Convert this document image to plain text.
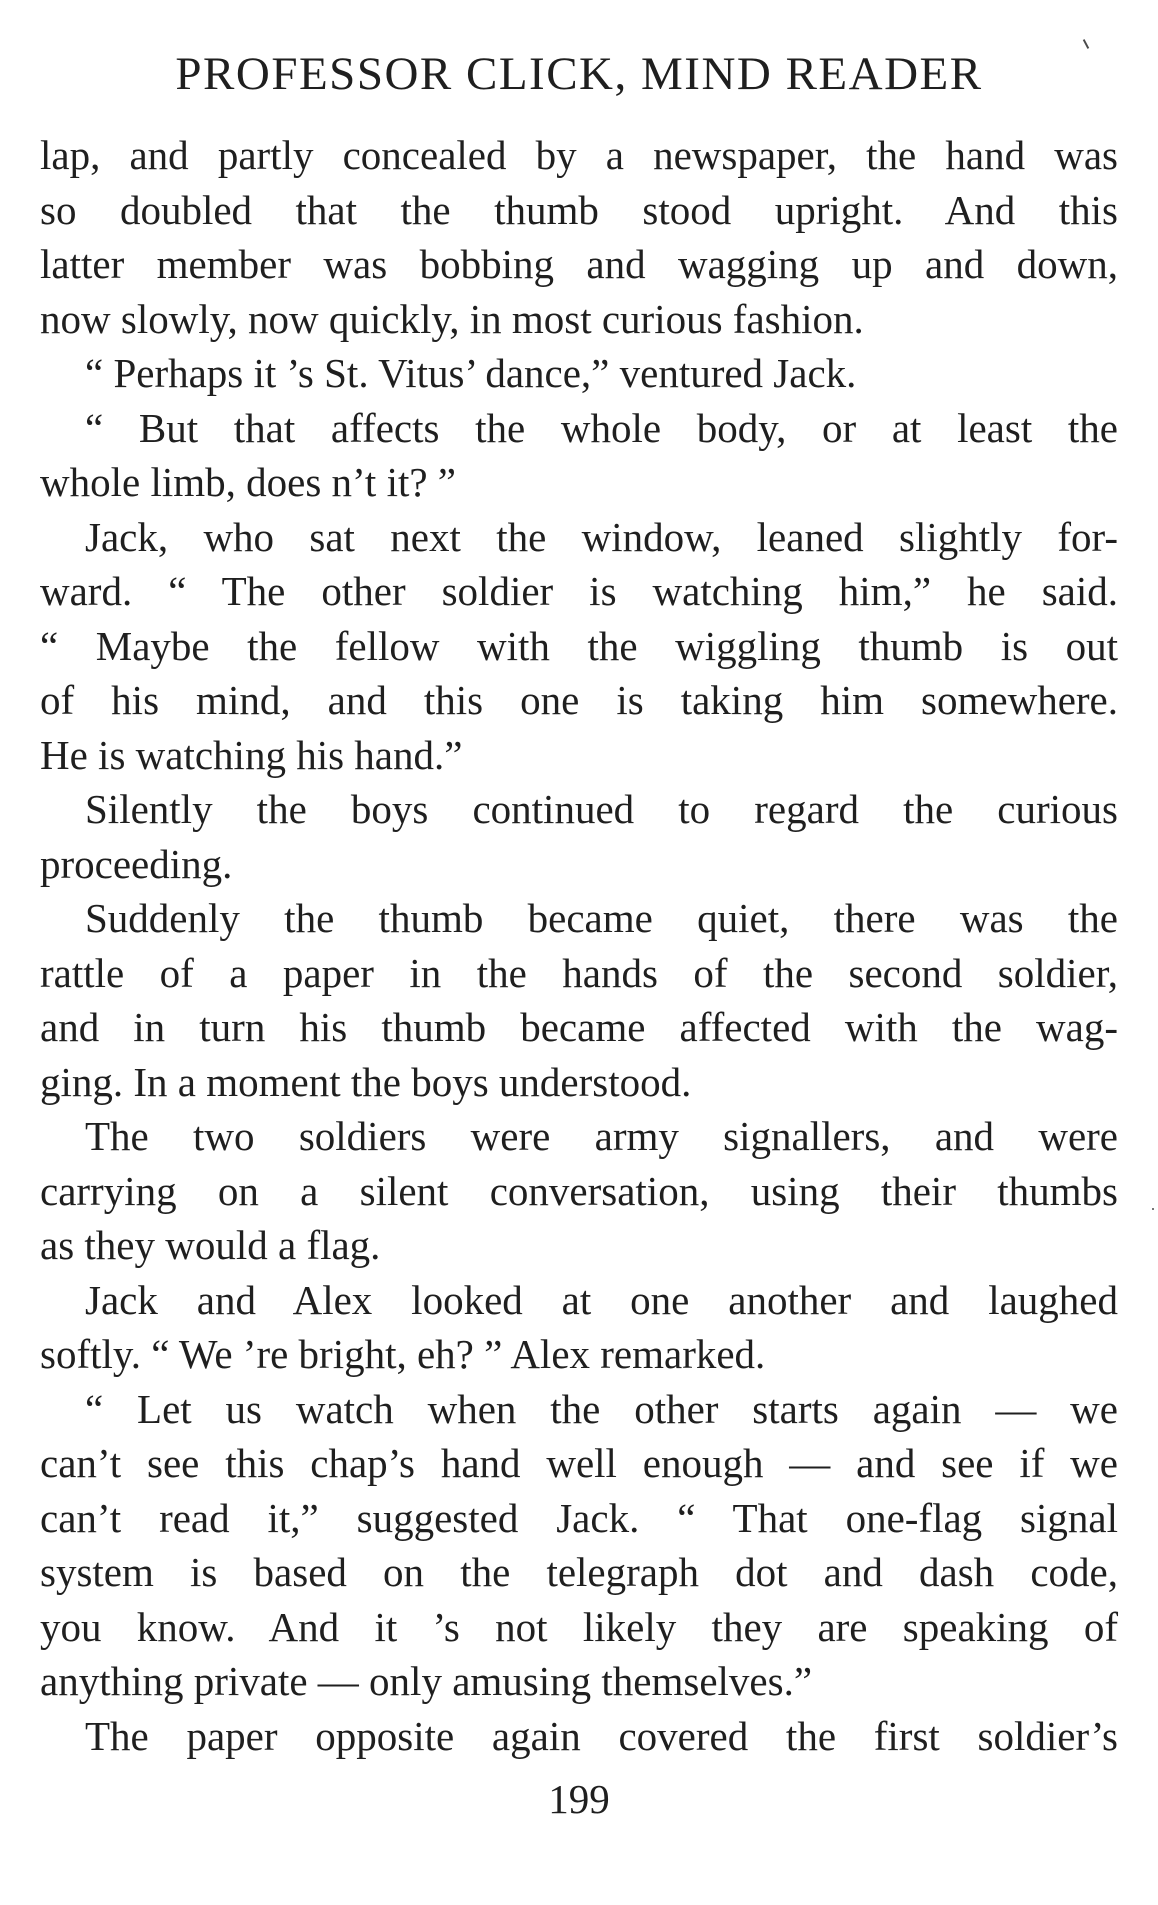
PROFESSOR CLICK, MIND READER
lap, and partly concealed by a newspaper, the hand was
so doubled that the thumb stood upright. And this
latter member was bobbing and wagging up and down,
now slowly, now quickly, in most curious fashion.
“ Perhaps it ’s St. Vitus’ dance,” ventured Jack.
“ But that affects the whole body, or at least the
whole limb, does n’t it? ”
Jack, who sat next the window, leaned slightly for-
ward. “ The other soldier is watching him,” he said.
“ Maybe the fellow with the wiggling thumb is out
of his mind, and this one is taking him somewhere.
He is watching his hand.”
Silently the boys continued to regard the curious
proceeding.
Suddenly the thumb became quiet, there was the
rattle of a paper in the hands of the second soldier,
and in turn his thumb became affected with the wag-
ging. In a moment the boys understood.
The two soldiers were army signallers, and were
carrying on a silent conversation, using their thumbs
as they would a flag.
Jack and Alex looked at one another and laughed
softly. “ We ’re bright, eh? ” Alex remarked.
“ Let us watch when the other starts again — we
can’t see this chap’s hand well enough — and see if we
can’t read it,” suggested Jack. “ That one-flag signal
system is based on the telegraph dot and dash code,
you know. And it ’s not likely they are speaking of
anything private — only amusing themselves.”
The paper opposite again covered the first soldier’s
199
